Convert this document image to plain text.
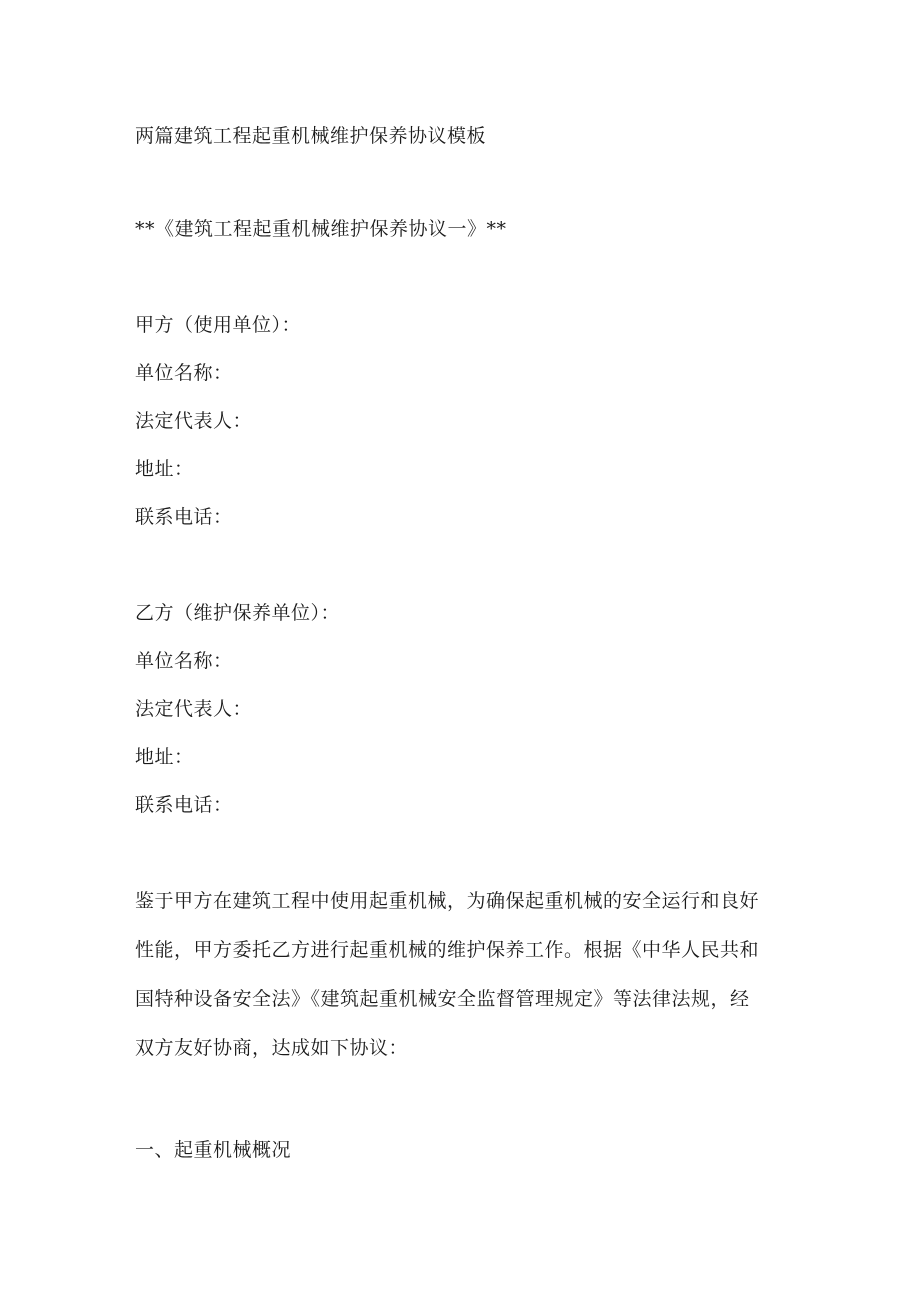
两篇建筑工程起重机械维护保养协议模板
**《建筑工程起重机械维护保养协议一》**
甲方（使用单位）：
单位名称：
法定代表人：
地址：
联系电话：
乙方（维护保养单位）：
单位名称：
法定代表人：
地址：
联系电话：
鉴于甲方在建筑工程中使用起重机械，为确保起重机械的安全运行和良好
性能，甲方委托乙方进行起重机械的维护保养工作。根据《中华人民共和
国特种设备安全法》《建筑起重机械安全监督管理规定》等法律法规，经
双方友好协商，达成如下协议：
一、起重机械概况
